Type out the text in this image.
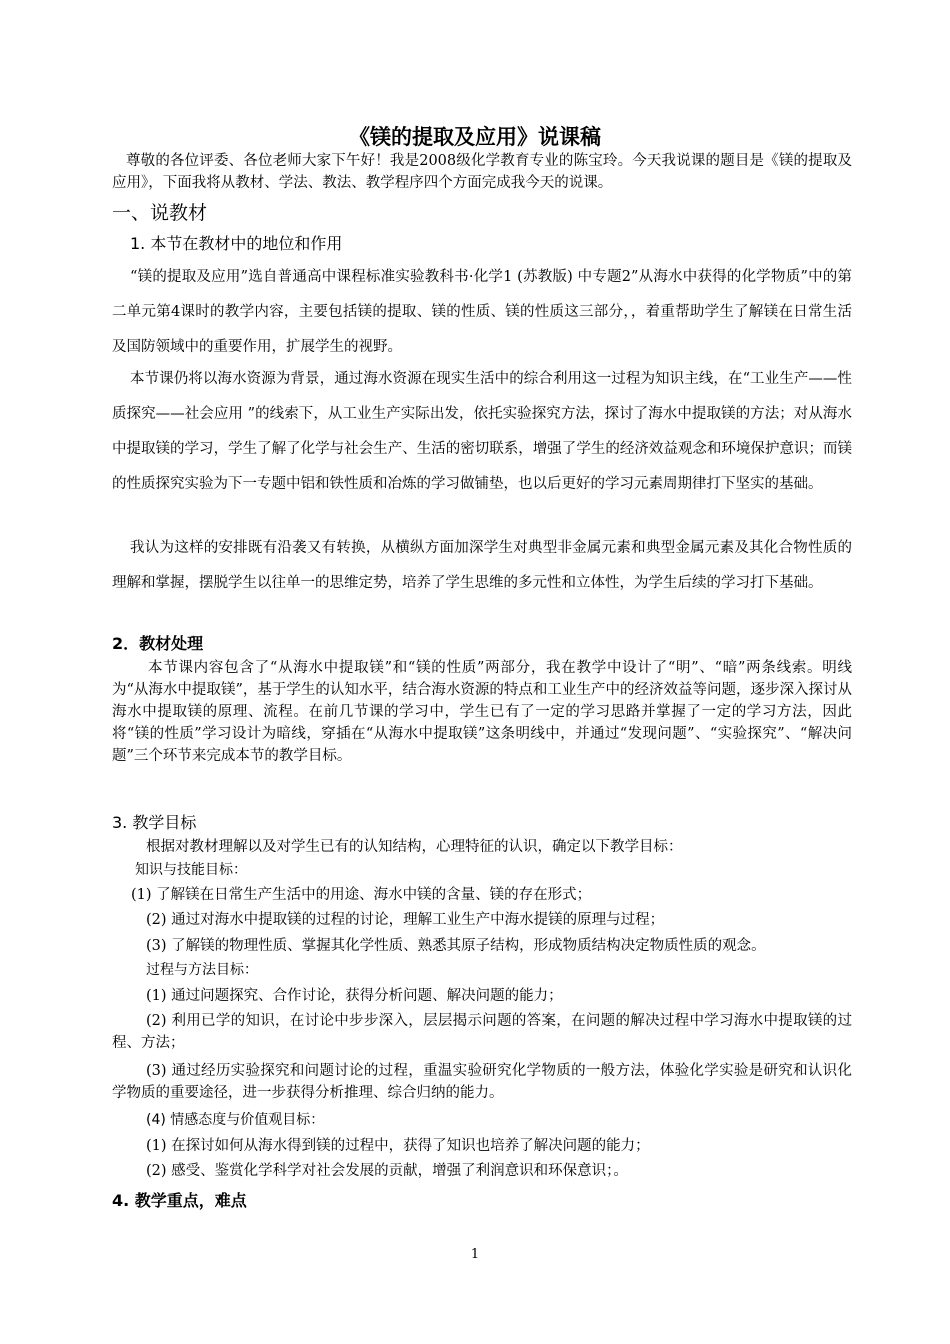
《镁的提取及应用》说课稿
尊敬的各位评委、各位老师大家下午好！我是2008级化学教育专业的陈宝玲。今天我说课的题目是《镁的提取及应用》，下面我将从教材、学法、教法、教学程序四个方面完成我今天的说课。
一、说教材
1. 本节在教材中的地位和作用
“镁的提取及应用”选自普通高中课程标准实验教科书·化学1 (苏教版) 中专题2”从海水中获得的化学物质”中的第二单元第4课时的教学内容，主要包括镁的提取、镁的性质、镁的性质这三部分，，着重帮助学生了解镁在日常生活及国防领域中的重要作用，扩展学生的视野。
本节课仍将以海水资源为背景，通过海水资源在现实生活中的综合利用这一过程为知识主线，在“工业生产——性质探究——社会应用 ”的线索下，从工业生产实际出发，依托实验探究方法，探讨了海水中提取镁的方法；对从海水中提取镁的学习，学生了解了化学与社会生产、生活的密切联系，增强了学生的经济效益观念和环境保护意识；而镁的性质探究实验为下一专题中铝和铁性质和冶炼的学习做铺垫，也以后更好的学习元素周期律打下坚实的基础。
我认为这样的安排既有沿袭又有转换，从横纵方面加深学生对典型非金属元素和典型金属元素及其化合物性质的理解和掌握，摆脱学生以往单一的思维定势，培养了学生思维的多元性和立体性，为学生后续的学习打下基础。
2．教材处理
本节课内容包含了“从海水中提取镁”和“镁的性质”两部分，我在教学中设计了“明”、“暗”两条线索。明线为“从海水中提取镁”，基于学生的认知水平，结合海水资源的特点和工业生产中的经济效益等问题，逐步深入探讨从海水中提取镁的原理、流程。在前几节课的学习中，学生已有了一定的学习思路并掌握了一定的学习方法，因此将“镁的性质”学习设计为暗线，穿插在“从海水中提取镁”这条明线中，并通过“发现问题”、“实验探究”、“解决问题”三个环节来完成本节的教学目标。
3. 教学目标
根据对教材理解以及对学生已有的认知结构，心理特征的认识，确定以下教学目标：
知识与技能目标：
(1) 了解镁在日常生产生活中的用途、海水中镁的含量、镁的存在形式；
(2) 通过对海水中提取镁的过程的讨论，理解工业生产中海水提镁的原理与过程；
(3) 了解镁的物理性质、掌握其化学性质、熟悉其原子结构，形成物质结构决定物质性质的观念。
过程与方法目标：
(1) 通过问题探究、合作讨论，获得分析问题、解决问题的能力；
(2) 利用已学的知识，在讨论中步步深入，层层揭示问题的答案，在问题的解决过程中学习海水中提取镁的过程、方法；
(3) 通过经历实验探究和问题讨论的过程，重温实验研究化学物质的一般方法，体验化学实验是研究和认识化学物质的重要途径，进一步获得分析推理、综合归纳的能力。
(4) 情感态度与价值观目标：
(1) 在探讨如何从海水得到镁的过程中，获得了知识也培养了解决问题的能力；
(2) 感受、鉴赏化学科学对社会发展的贡献，增强了利润意识和环保意识；。
4. 教学重点，难点
1
